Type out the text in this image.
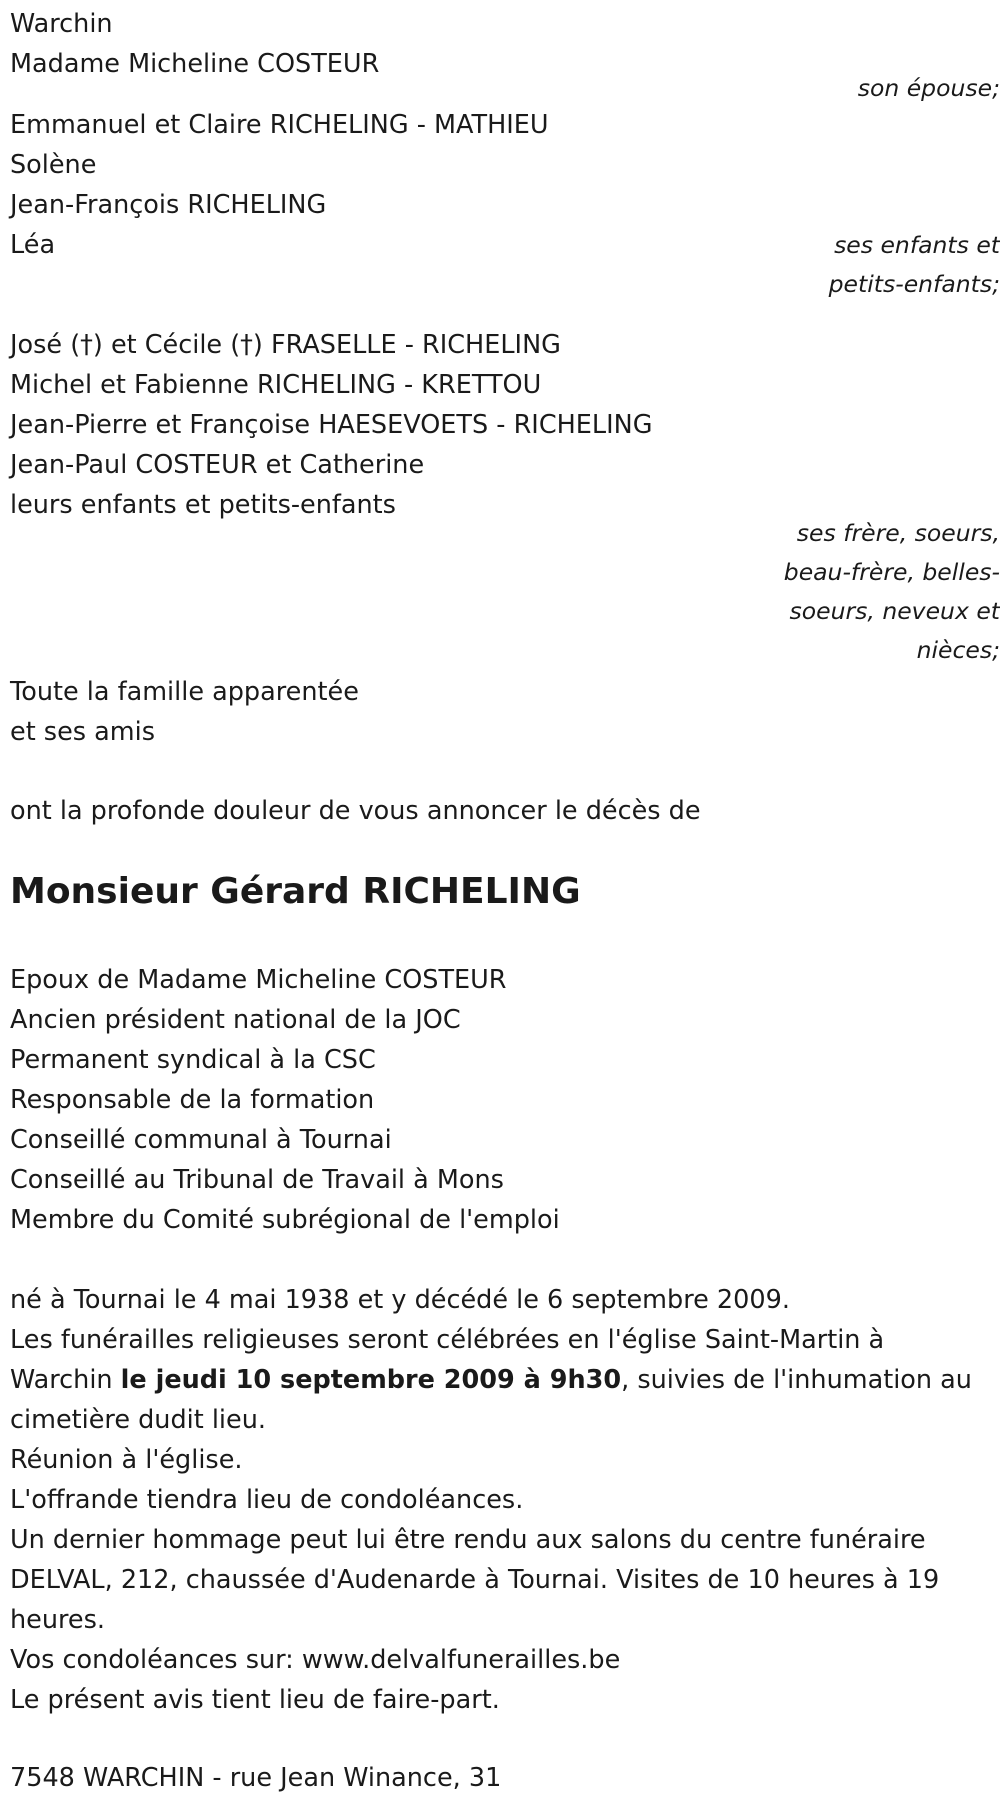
Warchin
Madame Micheline COSTEUR
son épouse;
Emmanuel et Claire RICHELING - MATHIEU
Solène
Jean-François RICHELING
Léa	ses enfants et
petits-enfants;
José (†) et Cécile (†) FRASELLE - RICHELING
Michel et Fabienne RICHELING - KRETTOU
Jean-Pierre et Françoise HAESEVOETS - RICHELING
Jean-Paul COSTEUR et Catherine
leurs enfants et petits-enfants
ses frère, soeurs,
beau-frère, belles-
soeurs, neveux et
nièces;
Toute la famille apparentée
et ses amis
ont la profonde douleur de vous annoncer le décès de
Monsieur Gérard RICHELING
Epoux de Madame Micheline COSTEUR
Ancien président national de la JOC
Permanent syndical à la CSC
Responsable de la formation
Conseillé communal à Tournai
Conseillé au Tribunal de Travail à Mons
Membre du Comité subrégional de l'emploi
né à Tournai le 4 mai 1938 et y décédé le 6 septembre 2009.
Les funérailles religieuses seront célébrées en l'église Saint-Martin à
Warchin le jeudi 10 septembre 2009 à 9h30, suivies de l'inhumation au
cimetière dudit lieu.
Réunion à l'église.
L'offrande tiendra lieu de condoléances.
Un dernier hommage peut lui être rendu aux salons du centre funéraire
DELVAL, 212, chaussée d'Audenarde à Tournai. Visites de 10 heures à 19
heures.
Vos condoléances sur: www.delvalfunerailles.be
Le présent avis tient lieu de faire-part.
7548 WARCHIN - rue Jean Winance, 31
